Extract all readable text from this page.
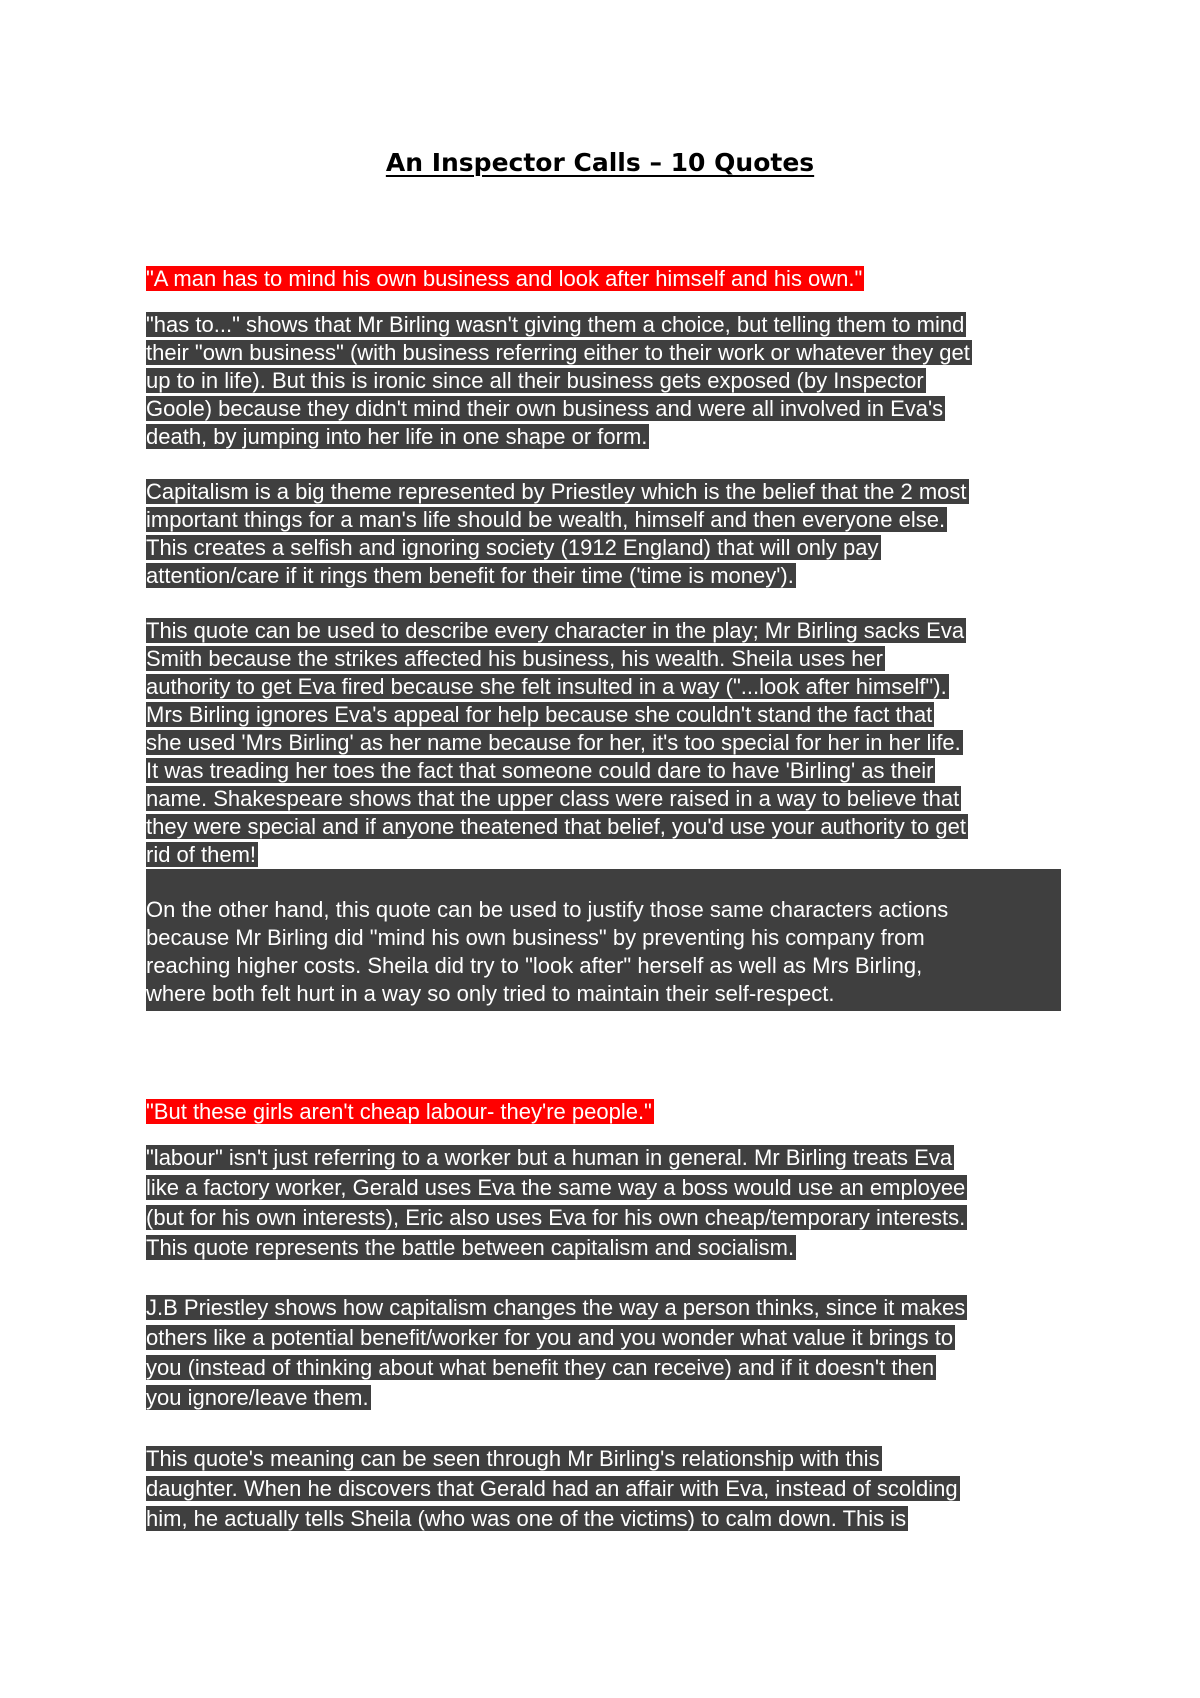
An Inspector Calls – 10 Quotes

"A man has to mind his own business and look after himself and his own."

"has to..." shows that Mr Birling wasn't giving them a choice, but telling them to mind

their "own business" (with business referring either to their work or whatever they get

up to in life). But this is ironic since all their business gets exposed (by Inspector

Goole) because they didn't mind their own business and were all involved in Eva's

death, by jumping into her life in one shape or form.

Capitalism is a big theme represented by Priestley which is the belief that the 2 most

important things for a man's life should be wealth, himself and then everyone else.

This creates a selfish and ignoring society (1912 England) that will only pay

attention/care if it rings them benefit for their time ('time is money').

This quote can be used to describe every character in the play; Mr Birling sacks Eva

Smith because the strikes affected his business, his wealth. Sheila uses her

authority to get Eva fired because she felt insulted in a way ("...look after himself").

Mrs Birling ignores Eva's appeal for help because she couldn't stand the fact that

she used 'Mrs Birling' as her name because for her, it's too special for her in her life.

It was treading her toes the fact that someone could dare to have 'Birling' as their

name. Shakespeare shows that the upper class were raised in a way to believe that

they were special and if anyone theatened that belief, you'd use your authority to get

rid of them!

On the other hand, this quote can be used to justify those same characters actions

because Mr Birling did "mind his own business" by preventing his company from

reaching higher costs. Sheila did try to "look after" herself as well as Mrs Birling,

where both felt hurt in a way so only tried to maintain their self-respect.

"But these girls aren't cheap labour- they're people."

"labour" isn't just referring to a worker but a human in general. Mr Birling treats Eva

like a factory worker, Gerald uses Eva the same way a boss would use an employee

(but for his own interests), Eric also uses Eva for his own cheap/temporary interests.

This quote represents the battle between capitalism and socialism.

J.B Priestley shows how capitalism changes the way a person thinks, since it makes

others like a potential benefit/worker for you and you wonder what value it brings to

you (instead of thinking about what benefit they can receive) and if it doesn't then

you ignore/leave them.

This quote's meaning can be seen through Mr Birling's relationship with this

daughter. When he discovers that Gerald had an affair with Eva, instead of scolding

him, he actually tells Sheila (who was one of the victims) to calm down. This is
